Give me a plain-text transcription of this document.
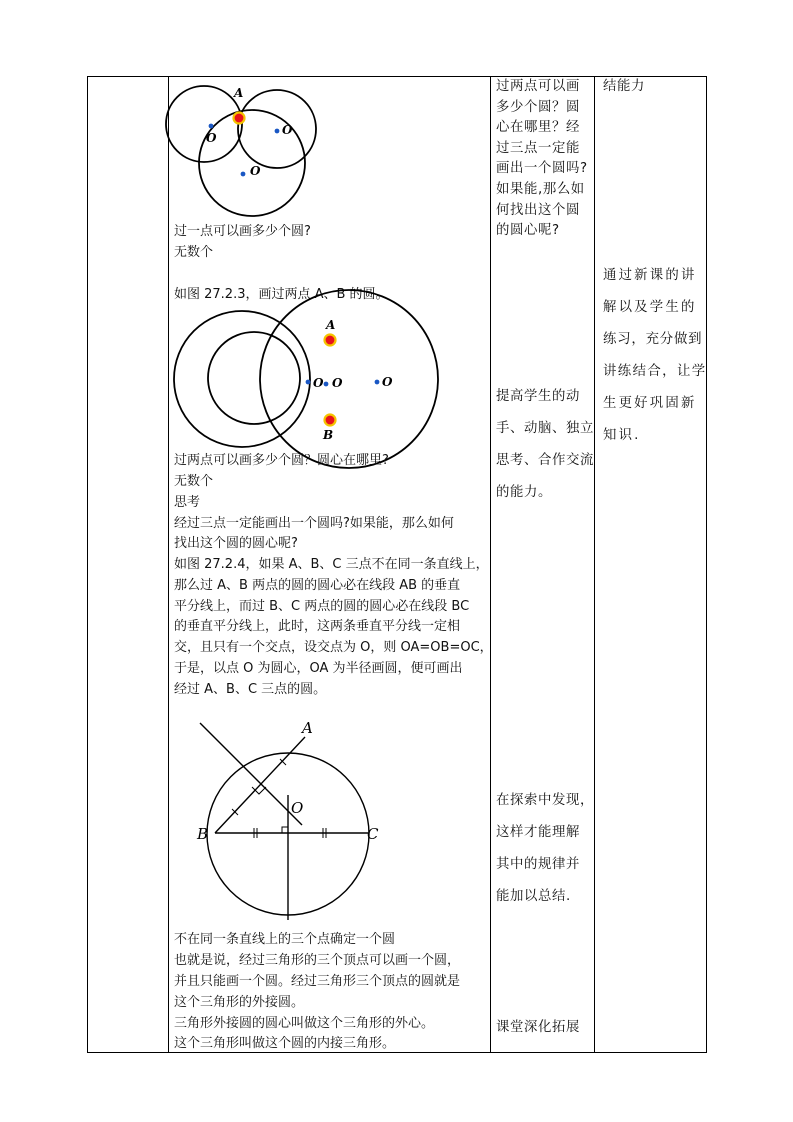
A
O
O
O
过一点可以画多少个圆?
无数个
如图 27.2.3，画过两点 A、B 的圆。
A
B
O O	O
过两点可以画多少个圆？圆心在哪里?
无数个
思考
经过三点一定能画出一个圆吗?如果能，那么如何
找出这个圆的圆心呢?
如图 27.2.4，如果 A、B、C 三点不在同一条直线上，
那么过 A、B 两点的圆的圆心必在线段 AB 的垂直
平分线上，而过 B、C 两点的圆的圆心必在线段 BC
的垂直平分线上，此时，这两条垂直平分线一定相
交，且只有一个交点，设交点为 O，则 OA=OB=OC，
于是，以点 O 为圆心，OA 为半径画圆，便可画出
经过 A、B、C 三点的圆。
A
B	C
O
不在同一条直线上的三个点确定一个圆
也就是说，经过三角形的三个顶点可以画一个圆，
并且只能画一个圆。经过三角形三个顶点的圆就是
这个三角形的外接圆。
三角形外接圆的圆心叫做这个三角形的外心。
这个三角形叫做这个圆的内接三角形。
过两点可以画
多少个圆？圆
心在哪里？经
过三点一定能
画出一个圆吗?
如果能,那么如
何找出这个圆
的圆心呢?
提高学生的动
手、动脑、独立
思考、合作交流
的能力。
在探索中发现，
这样才能理解
其中的规律并
能加以总结.
课堂深化拓展
结能力
通过新课的讲
解以及学生的
练习，充分做到
讲练结合，让学
生更好巩固新
知识.
